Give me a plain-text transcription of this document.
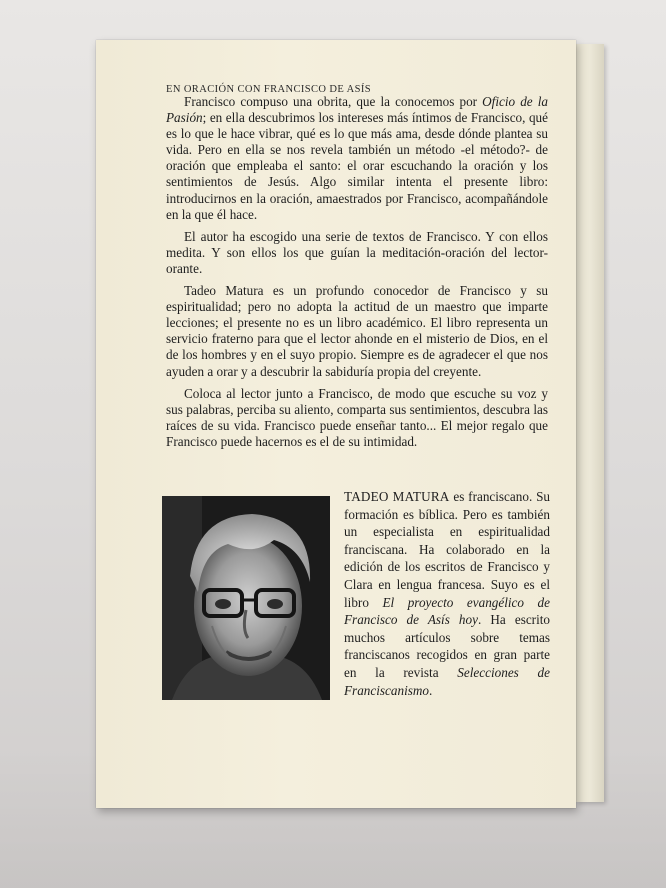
EN ORACIÓN CON FRANCISCO DE ASÍS

Francisco compuso una obrita, que la conocemos por Oficio de la Pasión; en ella descubrimos los intereses más íntimos de Francisco, qué es lo que le hace vibrar, qué es lo que más ama, desde dónde plantea su vida. Pero en ella se nos revela también un método -el método?- de oración que empleaba el santo: el orar escuchando la oración y los sentimientos de Jesús. Algo similar intenta el presente libro: introducirnos en la oración, amaestrados por Francisco, acompañándole en la que él hace.

El autor ha escogido una serie de textos de Francisco. Y con ellos medita. Y son ellos los que guían la meditación-oración del lector-orante.

Tadeo Matura es un profundo conocedor de Francisco y su espiritualidad; pero no adopta la actitud de un maestro que imparte lecciones; el presente no es un libro académico. El libro representa un servicio fraterno para que el lector ahonde en el misterio de Dios, en el de los hombres y en el suyo propio. Siempre es de agradecer el que nos ayuden a orar y a descubrir la sabiduría propia del creyente.

Coloca al lector junto a Francisco, de modo que escuche su voz y sus palabras, perciba su aliento, comparta sus sentimientos, descubra las raíces de su vida. Francisco puede enseñar tanto... El mejor regalo que Francisco puede hacernos es el de su intimidad.

TADEO MATURA es franciscano. Su formación es bíblica. Pero es también un especialista en espiritualidad franciscana. Ha colaborado en la edición de los escritos de Francisco y Clara en lengua francesa. Suyo es el libro El proyecto evangélico de Francisco de Asís hoy. Ha escrito muchos artículos sobre temas franciscanos recogidos en gran parte en la revista Selecciones de Franciscanismo.
